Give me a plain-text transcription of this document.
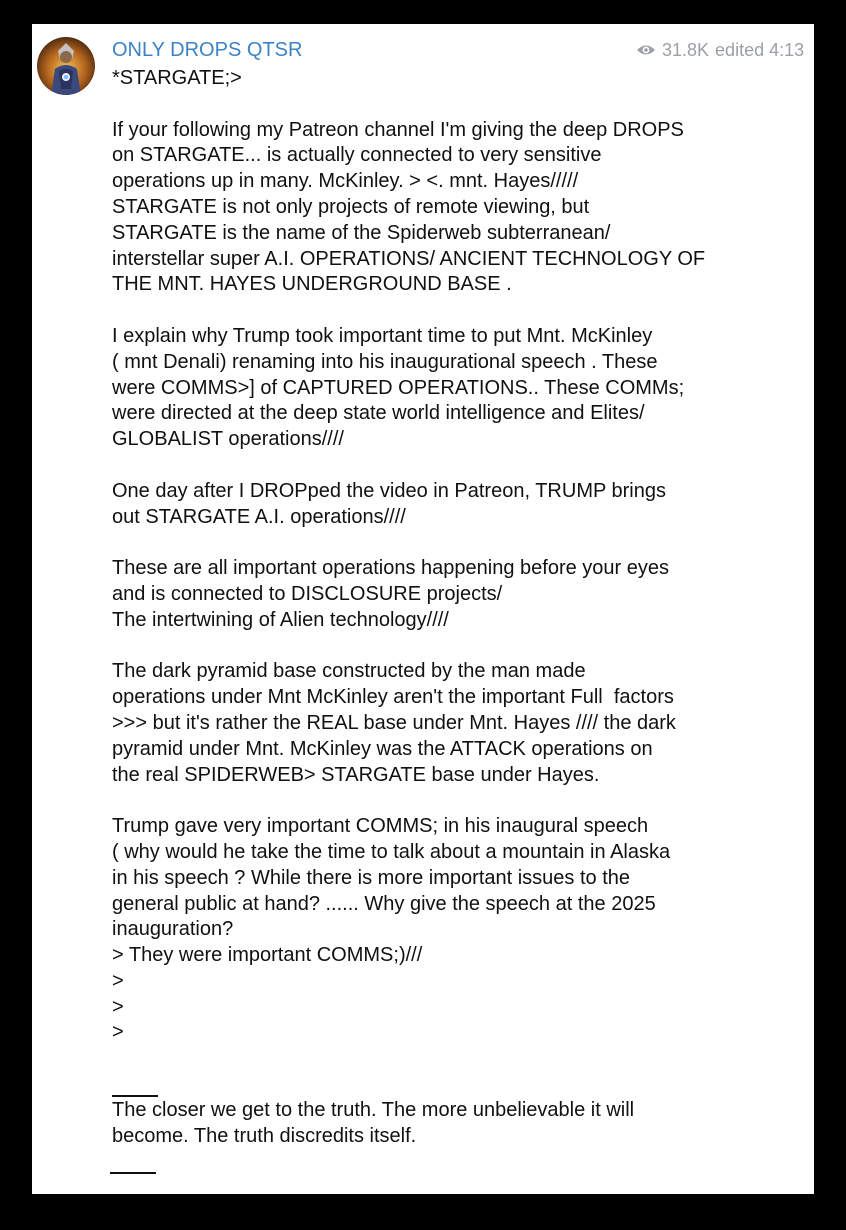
ONLY DROPS QTSR	31.8K edited 4:13
*STARGATE;>
If your following my Patreon channel I'm giving the deep DROPS
on STARGATE... is actually connected to very sensitive
operations up in many. McKinley. > <. mnt. Hayes/////
STARGATE is not only projects of remote viewing, but
STARGATE is the name of the Spiderweb subterranean/
interstellar super A.I. OPERATIONS/ ANCIENT TECHNOLOGY OF
THE MNT. HAYES UNDERGROUND BASE .
I explain why Trump took important time to put Mnt. McKinley
( mnt Denali) renaming into his inaugurational speech . These
were COMMS>] of CAPTURED OPERATIONS.. These COMMs;
were directed at the deep state world intelligence and Elites/
GLOBALIST operations////
One day after I DROPped the video in Patreon, TRUMP brings
out STARGATE A.I. operations////
These are all important operations happening before your eyes
and is connected to DISCLOSURE projects/
The intertwining of Alien technology////
The dark pyramid base constructed by the man made
operations under Mnt McKinley aren't the important Full  factors
>>> but it's rather the REAL base under Mnt. Hayes //// the dark
pyramid under Mnt. McKinley was the ATTACK operations on
the real SPIDERWEB> STARGATE base under Hayes.
Trump gave very important COMMS; in his inaugural speech
( why would he take the time to talk about a mountain in Alaska
in his speech ? While there is more important issues to the
general public at hand? ...... Why give the speech at the 2025
inauguration?
> They were important COMMS;)///
>
>
>
The closer we get to the truth. The more unbelievable it will
become. The truth discredits itself.
